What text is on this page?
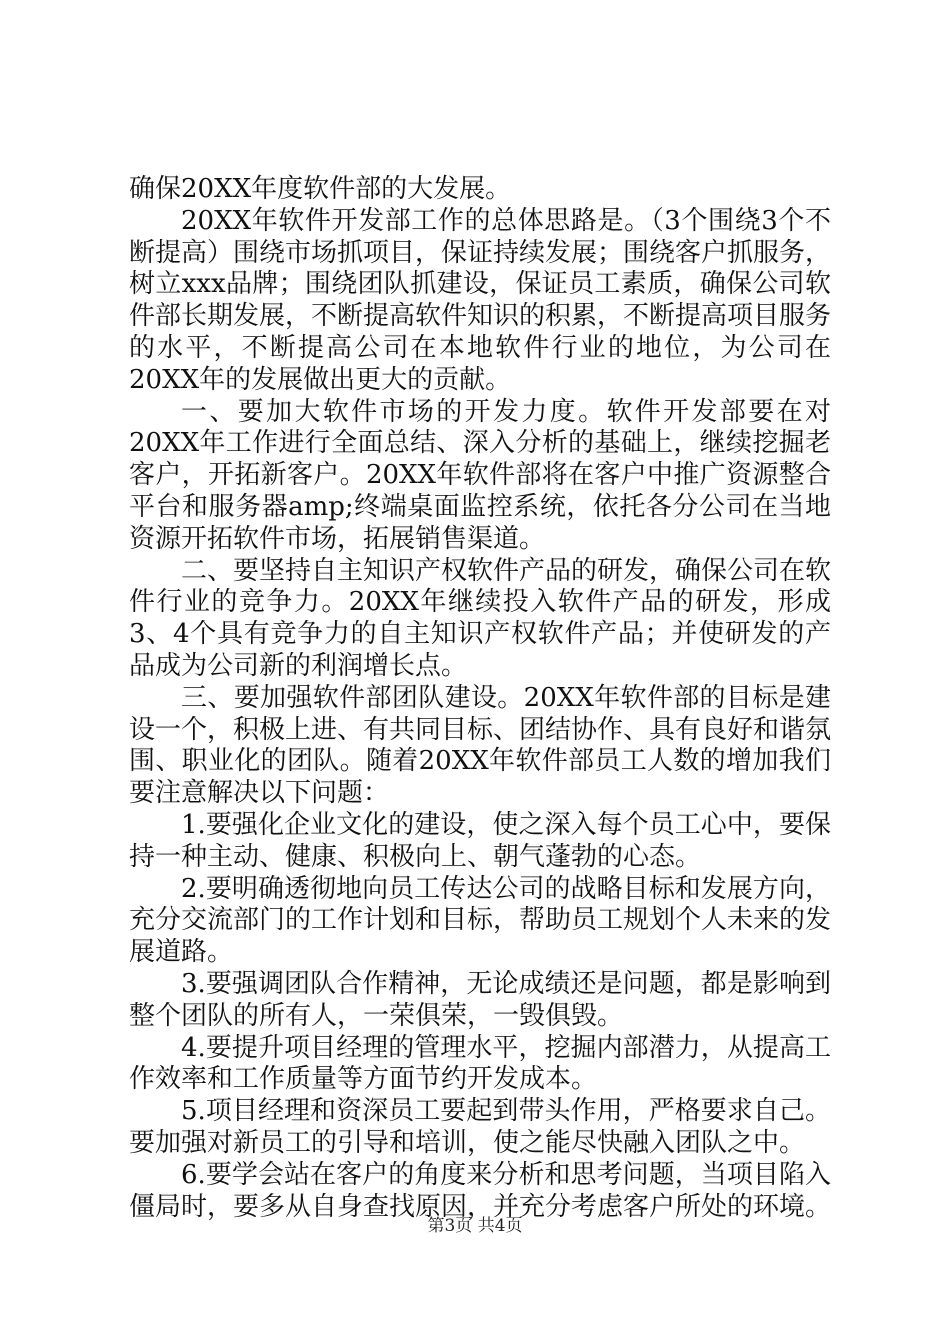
确保20XX年度软件部的大发展。

20XX年软件开发部工作的总体思路是。（3个围绕3个不断提高）围绕市场抓项目，保证持续发展；围绕客户抓服务，树立xxx品牌；围绕团队抓建设，保证员工素质，确保公司软件部长期发展，不断提高软件知识的积累，不断提高项目服务的水平，不断提高公司在本地软件行业的地位，为公司在20XX年的发展做出更大的贡献。

一、要加大软件市场的开发力度。软件开发部要在对20XX年工作进行全面总结、深入分析的基础上，继续挖掘老客户，开拓新客户。20XX年软件部将在客户中推广资源整合平台和服务器amp;终端桌面监控系统，依托各分公司在当地资源开拓软件市场，拓展销售渠道。

二、要坚持自主知识产权软件产品的研发，确保公司在软件行业的竞争力。20XX年继续投入软件产品的研发，形成3、4个具有竞争力的自主知识产权软件产品；并使研发的产品成为公司新的利润增长点。

三、要加强软件部团队建设。20XX年软件部的目标是建设一个，积极上进、有共同目标、团结协作、具有良好和谐氛围、职业化的团队。随着20XX年软件部员工人数的增加我们要注意解决以下问题：

1.要强化企业文化的建设，使之深入每个员工心中，要保持一种主动、健康、积极向上、朝气蓬勃的心态。

2.要明确透彻地向员工传达公司的战略目标和发展方向，充分交流部门的工作计划和目标，帮助员工规划个人未来的发展道路。

3.要强调团队合作精神，无论成绩还是问题，都是影响到整个团队的所有人，一荣俱荣，一毁俱毁。

4.要提升项目经理的管理水平，挖掘内部潜力，从提高工作效率和工作质量等方面节约开发成本。

5.项目经理和资深员工要起到带头作用，严格要求自己。要加强对新员工的引导和培训，使之能尽快融入团队之中。

6.要学会站在客户的角度来分析和思考问题，当项目陷入僵局时，要多从自身查找原因，并充分考虑客户所处的环境。

第3页 共4页
